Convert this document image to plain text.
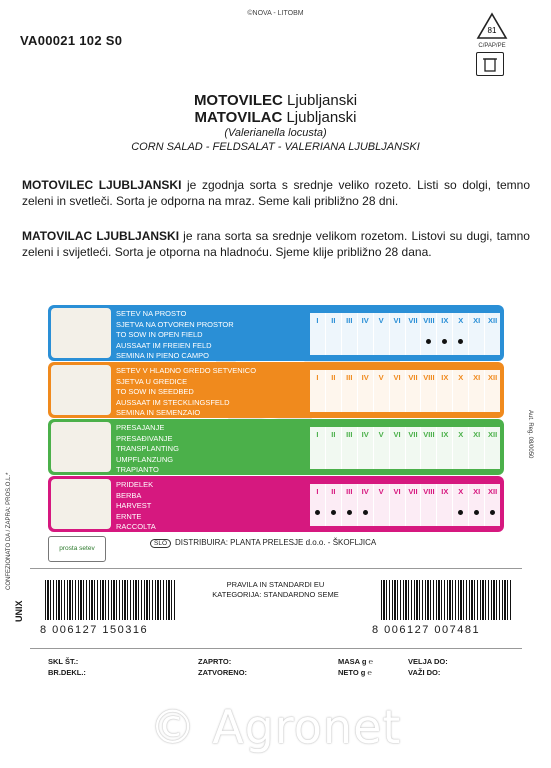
©NOVA - LITOBM
VA00021 102 S0
81
C/PAP/PE
MOTOVILEC Ljubljanski
MATOVILAC Ljubljanski
(Valerianella locusta)
CORN SALAD - FELDSALAT - VALERIANA LJUBLJANSKI
MOTOVILEC LJUBLJANSKI je zgodnja sorta s srednje veliko rozeto. Listi so dolgi, temno zeleni in svetleči. Sorta je odporna na mraz. Seme kali približno 28 dni.
MATOVILAC LJUBLJANSKI je rana sorta sa srednje velikom rozetom. Listovi su dugi, tamno zeleni i svijetleći. Sorta je otporna na hladnoću. Sjeme klije približno 28 dana.
SETEV NA PROSTO
SJETVA NA OTVOREN PROSTOR
TO SOW IN OPEN FIELD
AUSSAAT IM FREIEN FELD
SEMINA IN PIENO CAMPO
I II III IV V VI VII VIII IX X XI XII
SETEV V HLADNO GREDO SETVENICO
SJETVA U GREDICE
TO SOW IN SEEDBED
AUSSAAT IM STECKLINGSFELD
SEMINA IN SEMENZAIO
I II III IV V VI VII VIII IX X XI XII
PRESAJANJE
PRESAĐIVANJE
TRANSPLANTING
UMPFLANZUNG
TRAPIANTO
I II III IV V VI VII VIII IX X XI XII
PRIDELEK
BERBA
HARVEST
ERNTE
RACCOLTA
I II III IV V VI VII VIII IX X XI XII
CONFEZIONATO DA / ZAPRA: PROS.O.L.*
Aut. Reg. 08/0050
prosta setev
SLO DISTRIBUIRA: PLANTA PRELESJE d.o.o. - ŠKOFLJICA
UNIX
PRAVILA IN STANDARDI EU
KATEGORIJA: STANDARDNO SEME
8 006127 150316	8 006127 007481
SKL ŠT.:
BR.DEKL.:
ZAPRTO:
ZATVORENO:
MASA g ℮
NETO g ℮
VELJA DO:
VAŽI DO:
© Agronet
